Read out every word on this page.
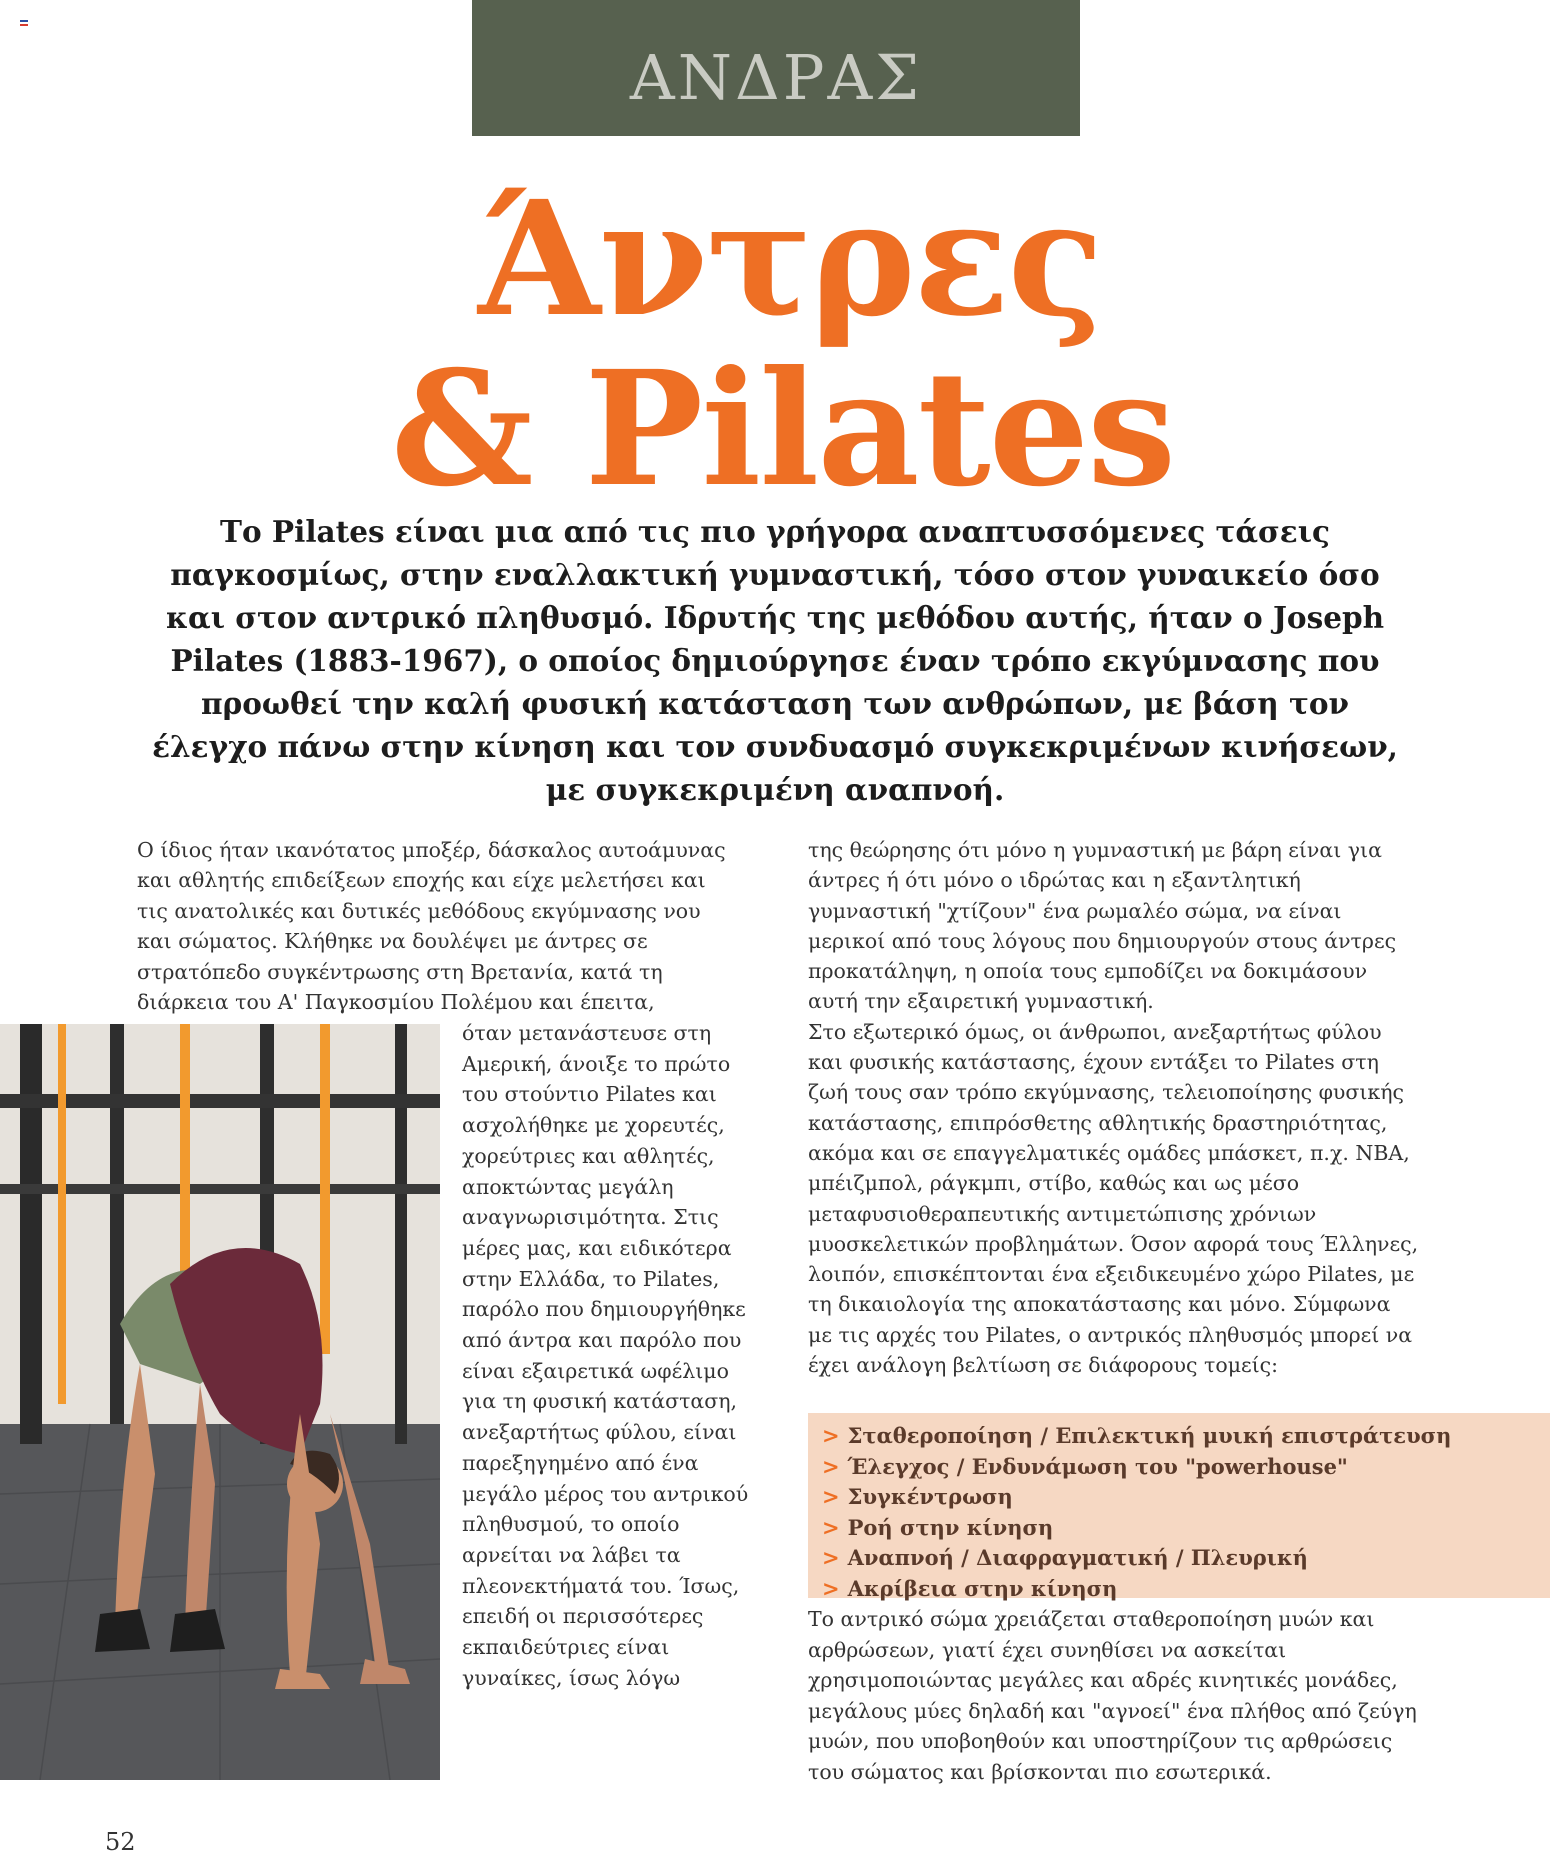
ΑΝΔΡΑΣ
Άντρες
& Pilates

Το Pilates είναι μια από τις πιο γρήγορα αναπτυσσόμενες τάσεις παγκοσμίως, στην εναλλακτική γυμναστική, τόσο στον γυναικείο όσο και στον αντρικό πληθυσμό. Ιδρυτής της μεθόδου αυτής, ήταν ο Joseph Pilates (1883-1967), ο οποίος δημιούργησε έναν τρόπο εκγύμνασης που προωθεί την καλή φυσική κατάσταση των ανθρώπων, με βάση τον έλεγχο πάνω στην κίνηση και τον συνδυασμό συγκεκριμένων κινήσεων, με συγκεκριμένη αναπνοή.

Ο ίδιος ήταν ικανότατος μποξέρ, δάσκαλος αυτοάμυνας και αθλητής επιδείξεων εποχής και είχε μελετήσει και τις ανατολικές και δυτικές μεθόδους εκγύμνασης νου και σώματος. Κλήθηκε να δουλέψει με άντρες σε στρατόπεδο συγκέντρωσης στη Βρετανία, κατά τη διάρκεια του Α' Παγκοσμίου Πολέμου και έπειτα,

όταν μετανάστευσε στη Αμερική, άνοιξε το πρώτο του στούντιο Pilates και ασχολήθηκε με χορευτές, χορεύτριες και αθλητές, αποκτώντας μεγάλη αναγνωρισιμότητα. Στις μέρες μας, και ειδικότερα στην Ελλάδα, το Pilates, παρόλο που δημιουργήθηκε από άντρα και παρόλο που είναι εξαιρετικά ωφέλιμο για τη φυσική κατάσταση, ανεξαρτήτως φύλου, είναι παρεξηγημένο από ένα μεγάλο μέρος του αντρικού πληθυσμού, το οποίο αρνείται να λάβει τα πλεονεκτήματά του. Ίσως, επειδή οι περισσότερες εκπαιδεύτριες είναι γυναίκες, ίσως λόγω

της θεώρησης ότι μόνο η γυμναστική με βάρη είναι για άντρες ή ότι μόνο ο ιδρώτας και η εξαντλητική γυμναστική "χτίζουν" ένα ρωμαλέο σώμα, να είναι μερικοί από τους λόγους που δημιουργούν στους άντρες προκατάληψη, η οποία τους εμποδίζει να δοκιμάσουν αυτή την εξαιρετική γυμναστική.

Στο εξωτερικό όμως, οι άνθρωποι, ανεξαρτήτως φύλου και φυσικής κατάστασης, έχουν εντάξει το Pilates στη ζωή τους σαν τρόπο εκγύμνασης, τελειοποίησης φυσικής κατάστασης, επιπρόσθετης αθλητικής δραστηριότητας, ακόμα και σε επαγγελματικές ομάδες μπάσκετ, π.χ. NBA, μπέιζμπολ, ράγκμπι, στίβο, καθώς και ως μέσο μεταφυσιοθεραπευτικής αντιμετώπισης χρόνιων μυοσκελετικών προβλημάτων. Όσον αφορά τους Έλληνες, λοιπόν, επισκέπτονται ένα εξειδικευμένο χώρο Pilates, με τη δικαιολογία της αποκατάστασης και μόνο. Σύμφωνα με τις αρχές του Pilates, ο αντρικός πληθυσμός μπορεί να έχει ανάλογη βελτίωση σε διάφορους τομείς:

> Σταθεροποίηση / Επιλεκτική μυική επιστράτευση
> Έλεγχος / Ενδυνάμωση του "powerhouse"
> Συγκέντρωση
> Ροή στην κίνηση
> Αναπνοή / Διαφραγματική / Πλευρική
> Ακρίβεια στην κίνηση

Το αντρικό σώμα χρειάζεται σταθεροποίηση μυών και αρθρώσεων, γιατί έχει συνηθίσει να ασκείται χρησιμοποιώντας μεγάλες και αδρές κινητικές μονάδες, μεγάλους μύες δηλαδή και "αγνοεί" ένα πλήθος από ζεύγη μυών, που υποβοηθούν και υποστηρίζουν τις αρθρώσεις του σώματος και βρίσκονται πιο εσωτερικά.

52
